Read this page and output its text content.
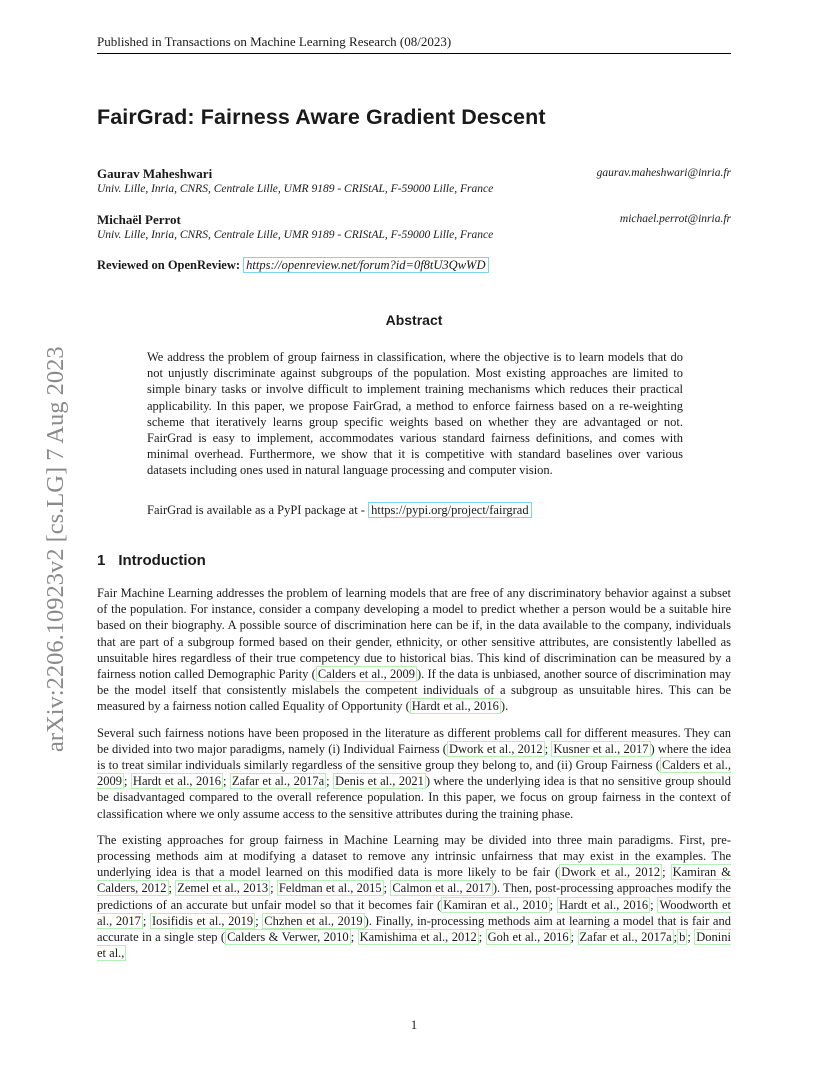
Published in Transactions on Machine Learning Research (08/2023)
FairGrad: Fairness Aware Gradient Descent
Gaurav Maheshwari	gaurav.maheshwari@inria.fr
Univ. Lille, Inria, CNRS, Centrale Lille, UMR 9189 - CRIStAL, F-59000 Lille, France
Michaël Perrot	michael.perrot@inria.fr
Univ. Lille, Inria, CNRS, Centrale Lille, UMR 9189 - CRIStAL, F-59000 Lille, France
Reviewed on OpenReview: https://openreview.net/forum?id=0f8tU3QwWD
arXiv:2206.10923v2 [cs.LG] 7 Aug 2023
Abstract

We address the problem of group fairness in classification, where the objective is to learn models that do not unjustly discriminate against subgroups of the population. Most existing approaches are limited to simple binary tasks or involve difficult to implement training mechanisms which reduces their practical applicability. In this paper, we propose FairGrad, a method to enforce fairness based on a re-weighting scheme that iteratively learns group specific weights based on whether they are advantaged or not. FairGrad is easy to implement, accommodates various standard fairness definitions, and comes with minimal overhead. Furthermore, we show that it is competitive with standard baselines over various datasets including ones used in natural language processing and computer vision.

FairGrad is available as a PyPI package at - https://pypi.org/project/fairgrad
1 Introduction

Fair Machine Learning addresses the problem of learning models that are free of any discriminatory behavior against a subset of the population. For instance, consider a company developing a model to predict whether a person would be a suitable hire based on their biography. A possible source of discrimination here can be if, in the data available to the company, individuals that are part of a subgroup formed based on their gender, ethnicity, or other sensitive attributes, are consistently labelled as unsuitable hires regardless of their true competency due to historical bias. This kind of discrimination can be measured by a fairness notion called Demographic Parity ( Calders et al., 2009 ). If the data is unbiased, another source of discrimination may be the model itself that consistently mislabels the competent individuals of a subgroup as unsuitable hires. This can be measured by a fairness notion called Equality of Opportunity ( Hardt et al., 2016 ).

Several such fairness notions have been proposed in the literature as different problems call for different measures. They can be divided into two major paradigms, namely (i) Individual Fairness ( Dwork et al., 2012 ; Kusner et al., 2017 ) where the idea is to treat similar individuals similarly regardless of the sensitive group they belong to, and (ii) Group Fairness ( Calders et al., 2009 ; Hardt et al., 2016 ; Zafar et al., 2017a ; Denis et al., 2021 ) where the underlying idea is that no sensitive group should be disadvantaged compared to the overall reference population. In this paper, we focus on group fairness in the context of classification where we only assume access to the sensitive attributes during the training phase.

The existing approaches for group fairness in Machine Learning may be divided into three main paradigms. First, pre-processing methods aim at modifying a dataset to remove any intrinsic unfairness that may exist in the examples. The underlying idea is that a model learned on this modified data is more likely to be fair ( Dwork et al., 2012 ; Kamiran & Calders, 2012 ; Zemel et al., 2013 ; Feldman et al., 2015 ; Calmon et al., 2017 ). Then, post-processing approaches modify the predictions of an accurate but unfair model so that it becomes fair ( Kamiran et al., 2010 ; Hardt et al., 2016 ; Woodworth et al., 2017 ; Iosifidis et al., 2019 ; Chzhen et al., 2019 ). Finally, in-processing methods aim at learning a model that is fair and accurate in a single step ( Calders & Verwer, 2010 ; Kamishima et al., 2012 ; Goh et al., 2016 ; Zafar et al., 2017a ; b ; Donini et al.,

1
